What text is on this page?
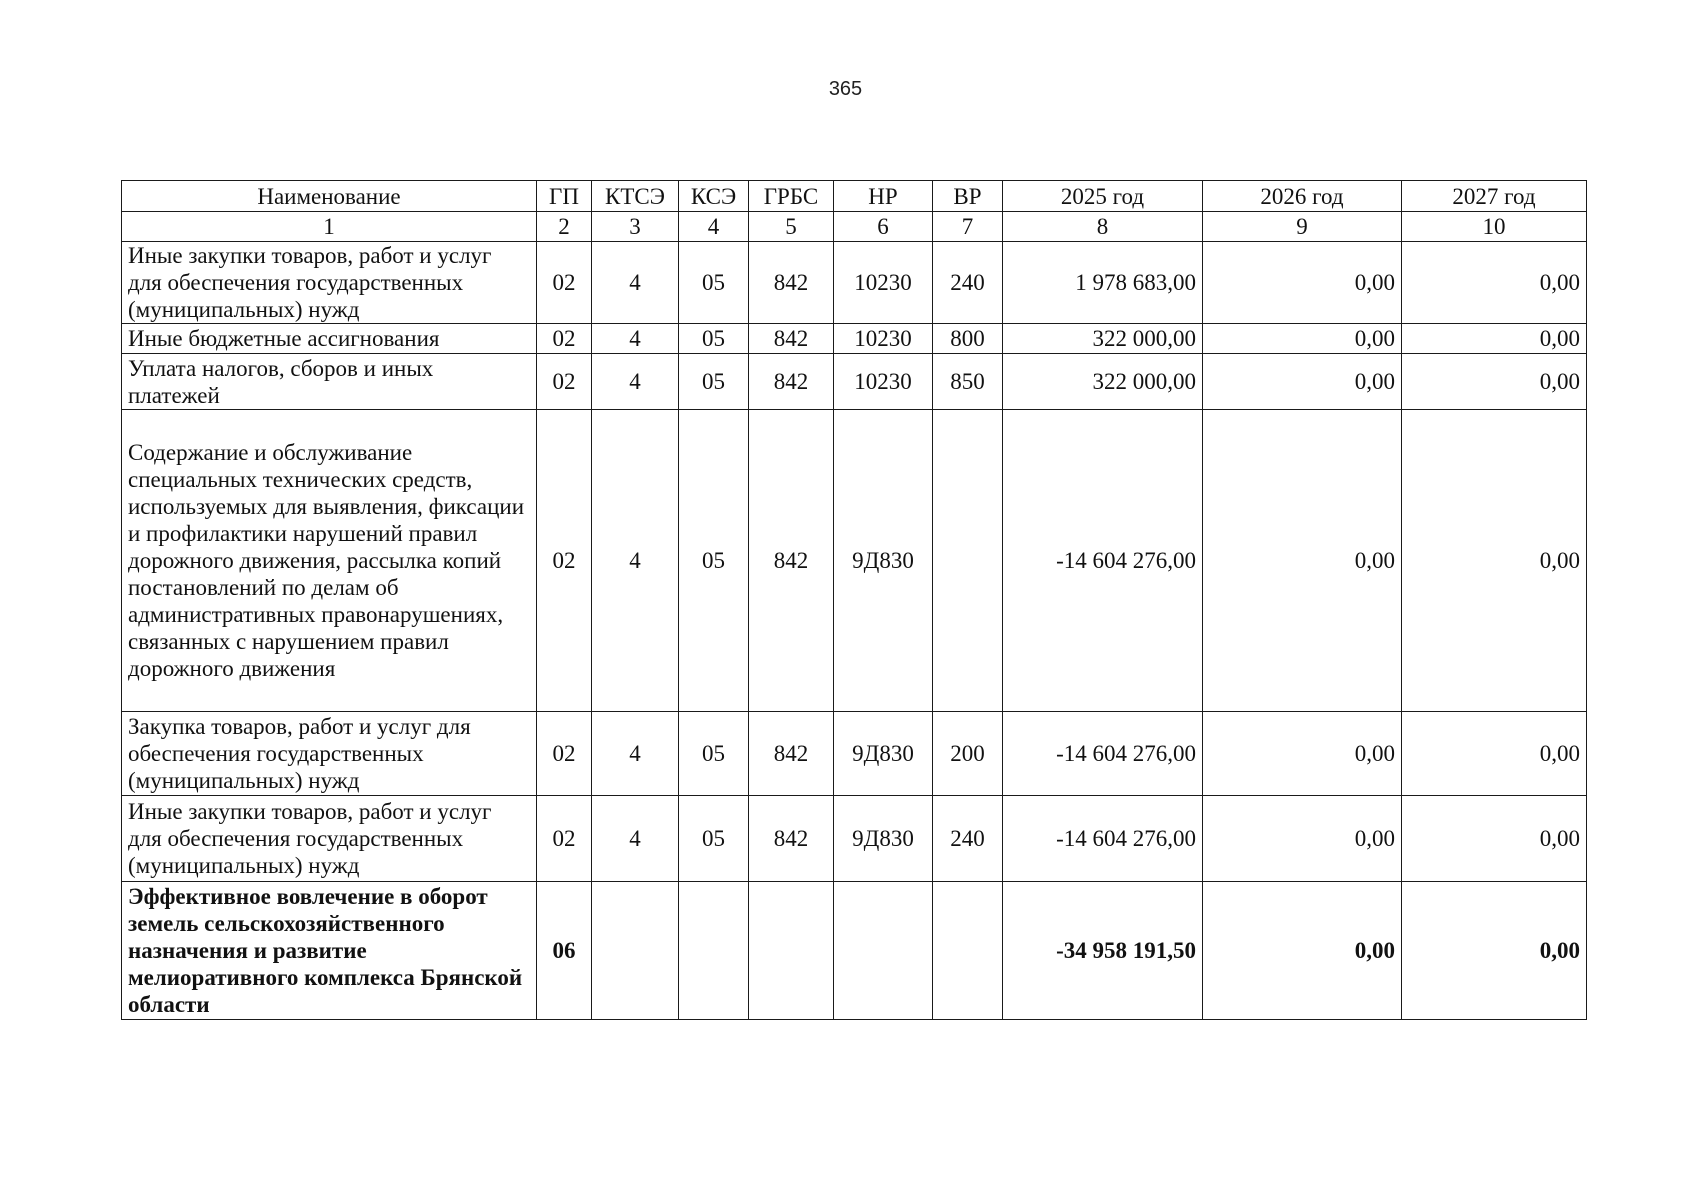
365
Наименование	ГП	КТСЭ	КСЭ	ГРБС	НР	ВР	2025 год	2026 год	2027 год
1	2	3	4	5	6	7	8	9	10
Иные закупки товаров, работ и услуг для обеспечения государственных (муниципальных) нужд	02	4	05	842	10230	240	1 978 683,00	0,00	0,00
Иные бюджетные ассигнования	02	4	05	842	10230	800	322 000,00	0,00	0,00
Уплата налогов, сборов и иных платежей	02	4	05	842	10230	850	322 000,00	0,00	0,00
Содержание и обслуживание специальных технических средств, используемых для выявления, фиксации и профилактики нарушений правил дорожного движения, рассылка копий постановлений по делам об административных правонарушениях, связанных с нарушением правил дорожного движения	02	4	05	842	9Д830		-14 604 276,00	0,00	0,00
Закупка товаров, работ и услуг для обеспечения государственных (муниципальных) нужд	02	4	05	842	9Д830	200	-14 604 276,00	0,00	0,00
Иные закупки товаров, работ и услуг для обеспечения государственных (муниципальных) нужд	02	4	05	842	9Д830	240	-14 604 276,00	0,00	0,00
Эффективное вовлечение в оборот земель сельскохозяйственного назначения и развитие мелиоративного комплекса Брянской области	06						-34 958 191,50	0,00	0,00
